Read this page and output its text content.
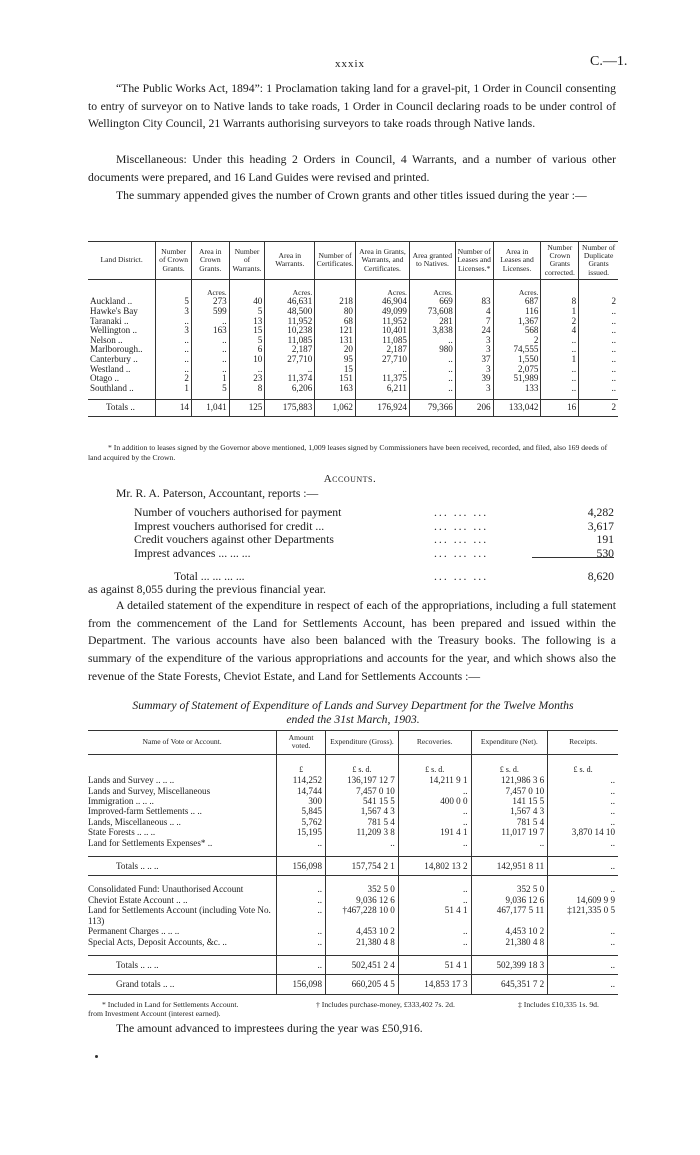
xxxix	C.—1.

“The Public Works Act, 1894”: 1 Proclamation taking land for a gravel-pit, 1 Order in Council consenting to entry of surveyor on to Native lands to take roads, 1 Order in Council declaring roads to be under control of Wellington City Council, 21 Warrants authorising surveyors to take roads through Native lands.

Miscellaneous: Under this heading 2 Orders in Council, 4 Warrants, and a number of various other documents were prepared, and 16 Land Guides were revised and printed.

The summary appended gives the number of Crown grants and other titles issued during the year :—

Land District.	Number of Crown Grants.	Area in Crown Grants.	Number of Warrants.	Area in Warrants.	Number of Certificates.	Area in Grants, Warrants, and Certificates.	Area granted to Natives.	Number of Leases and Licenses.*	Area in Leases and Licenses.	Number Crown Grants corrected.	Number of Duplicate Grants issued.
		Acres.		Acres.		Acres.	Acres.		Acres.		
Auckland ..	5	273	40	46,631	218	46,904	669	83	687	8	2
Hawke's Bay	3	599	5	48,500	80	49,099	73,608	4	116	1	..
Taranaki ..	..	..	13	11,952	68	11,952	281	7	1,367	2	..
Wellington ..	3	163	15	10,238	121	10,401	3,838	24	568	4	..
Nelson ..	..	..	5	11,085	131	11,085	..	3	2	..	..
Marlborough..	..	..	6	2,187	20	2,187	980	3	74,555	..	..
Canterbury ..	..	..	10	27,710	95	27,710	..	37	1,550	1	..
Westland ..	..	..	..	..	15	..	..	3	2,075	..	..
Otago ..	2	1	23	11,374	151	11,375	..	39	51,989	..	..
Southland ..	1	5	8	6,206	163	6,211	..	3	133	..	..
Totals ..	14	1,041	125	175,883	1,062	176,924	79,366	206	133,042	16	2

* In addition to leases signed by the Governor above mentioned, 1,009 leases signed by Commissioners have been received, recorded, and filed, also 169 deeds of land acquired by the Crown.

Accounts.
Mr. R. A. Paterson, Accountant, reports :—
Number of vouchers authorised for payment	... ... ...	4,282
Imprest vouchers authorised for credit ...	... ... ...	3,617
Credit vouchers against other Departments	... ... ...	191
Imprest advances ... ... ...	... ... ...	530
Total ... ... ... ...	... ... ...	8,620

as against 8,055 during the previous financial year.

A detailed statement of the expenditure in respect of each of the appropriations, including a full statement from the commencement of the Land for Settlements Account, has been prepared and issued within the Department. The various accounts have also been balanced with the Treasury books. The following is a summary of the expenditure of the various appropriations and accounts for the year, and which shows also the revenue of the State Forests, Cheviot Estate, and Land for Settlements Accounts :—

Summary of Statement of Expenditure of Lands and Survey Department for the Twelve Months
ended the 31st March, 1903.

Name of Vote or Account.	Amount voted.	Expenditure (Gross).	Recoveries.	Expenditure (Net).	Receipts.
	£	£ s. d.	£ s. d.	£ s. d.	£ s. d.
Lands and Survey .. .. ..	114,252	136,197 12 7	14,211 9 1	121,986 3 6	..
Lands and Survey, Miscellaneous	14,744	7,457 0 10	..	7,457 0 10	..
Immigration .. .. ..	300	541 15 5	400 0 0	141 15 5	..
Improved-farm Settlements .. ..	5,845	1,567 4 3	..	1,567 4 3	..
Lands, Miscellaneous .. ..	5,762	781 5 4	..	781 5 4	..
State Forests .. .. ..	15,195	11,209 3 8	191 4 1	11,017 19 7	3,870 14 10
Land for Settlements Expenses* ..	..	..	..	..	..
Totals .. .. ..	156,098	157,754 2 1	14,802 13 2	142,951 8 11	..

Consolidated Fund: Unauthorised Account	..	352 5 0	..	352 5 0	..
Cheviot Estate Account .. ..	..	9,036 12 6	..	9,036 12 6	14,609 9 9
Land for Settlements Account (including Vote No. 113)	..	†467,228 10 0	51 4 1	467,177 5 11	‡121,335 0 5
Permanent Charges .. .. ..	..	4,453 10 2	..	4,453 10 2	..
Special Acts, Deposit Accounts, &c. ..	..	21,380 4 8	..	21,380 4 8	..
Totals .. .. ..	..	502,451 2 4	51 4 1	502,399 18 3	..
Grand totals .. ..	156,098	660,205 4 5	14,853 17 3	645,351 7 2	..
* Included in Land for Settlements Account.
from Investment Account (interest earned).
† Includes purchase-money, £333,402 7s. 2d.	‡ Includes £10,335 1s. 9d.
The amount advanced to imprestees during the year was £50,916.
